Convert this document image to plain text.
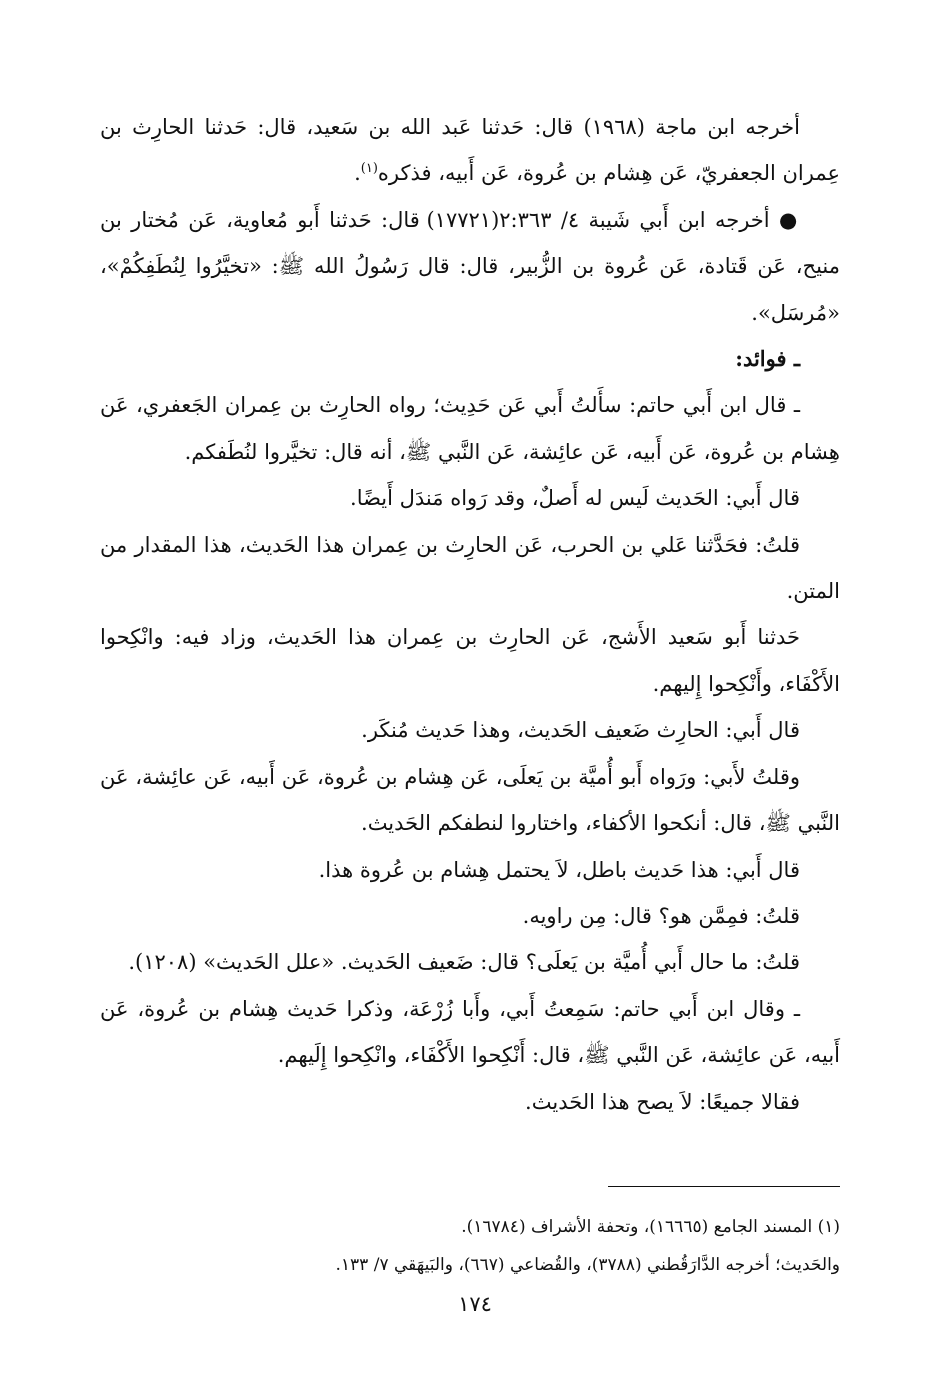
أخرجه ابن ماجة (١٩٦٨) قال: حَدثنا عَبد الله بن سَعيد، قال: حَدثنا الحارِث بن عِمران الجعفريّ، عَن هِشام بن عُروة، عَن أَبيه، فذكره$^{(١)}$.

● أخرجه ابن أَبي شَيبة ٤/ ٢:٣٦٣(١٧٧٢١) قال: حَدثنا أَبو مُعاوية، عَن مُختار بن منيح، عَن قَتادة، عَن عُروة بن الزُّبير، قال: قال رَسُولُ الله ﷺ: «تخيَّرُوا لِنُطَفِكُمْ»، «مُرسَل».

ـ فوائد:

ـ قال ابن أَبي حاتم: سأَلتُ أَبي عَن حَدِيث؛ رواه الحارِث بن عِمران الجَعفري، عَن هِشام بن عُروة، عَن أَبيه، عَن عائِشة، عَن النَّبي ﷺ، أنه قال: تخيَّروا لنُطَفكم.

قال أَبي: الحَديث لَيس له أَصلٌ، وقد رَواه مَندَل أَيضًا.

قلتُ: فحَدَّثنا عَلي بن الحرب، عَن الحارِث بن عِمران هذا الحَديث، هذا المقدار من المتن.

حَدثنا أَبو سَعيد الأَشج، عَن الحارِث بن عِمران هذا الحَديث، وزاد فيه: وانْكِحوا الأَكْفَاء، وأَنْكِحوا إِليهم.

قال أَبي: الحارِث ضَعيف الحَديث، وهذا حَديث مُنكَر.

وقلتُ لأَبي: ورَواه أَبو أُميَّة بن يَعلَى، عَن هِشام بن عُروة، عَن أَبيه، عَن عائِشة، عَن النَّبي ﷺ، قال: أنكحوا الأكفاء، واختاروا لنطفكم الحَديث.

قال أَبي: هذا حَديث باطل، لاَ يحتمل هِشام بن عُروة هذا.

قلتُ: فمِمَّن هو؟ قال: مِن راويه.

قلتُ: ما حال أَبي أُميَّة بن يَعلَى؟ قال: ضَعيف الحَديث. «علل الحَديث» (١٢٠٨).

ـ وقال ابن أَبي حاتم: سَمِعتُ أَبي، وأَبا زُرْعَة، وذكرا حَديث هِشام بن عُروة، عَن أَبيه، عَن عائِشة، عَن النَّبي ﷺ، قال: أَنْكِحوا الأَكْفَاء، وانْكِحوا إِلَيهم.

فقالا جميعًا: لاَ يصح هذا الحَديث.

(١) المسند الجامع (١٦٦٦٥)، وتحفة الأشراف (١٦٧٨٤).

والحَديث؛ أخرجه الدَّارَقُطني (٣٧٨٨)، والقُضاعي (٦٦٧)، والبَيهَقي ٧/ ١٣٣.

١٧٤
